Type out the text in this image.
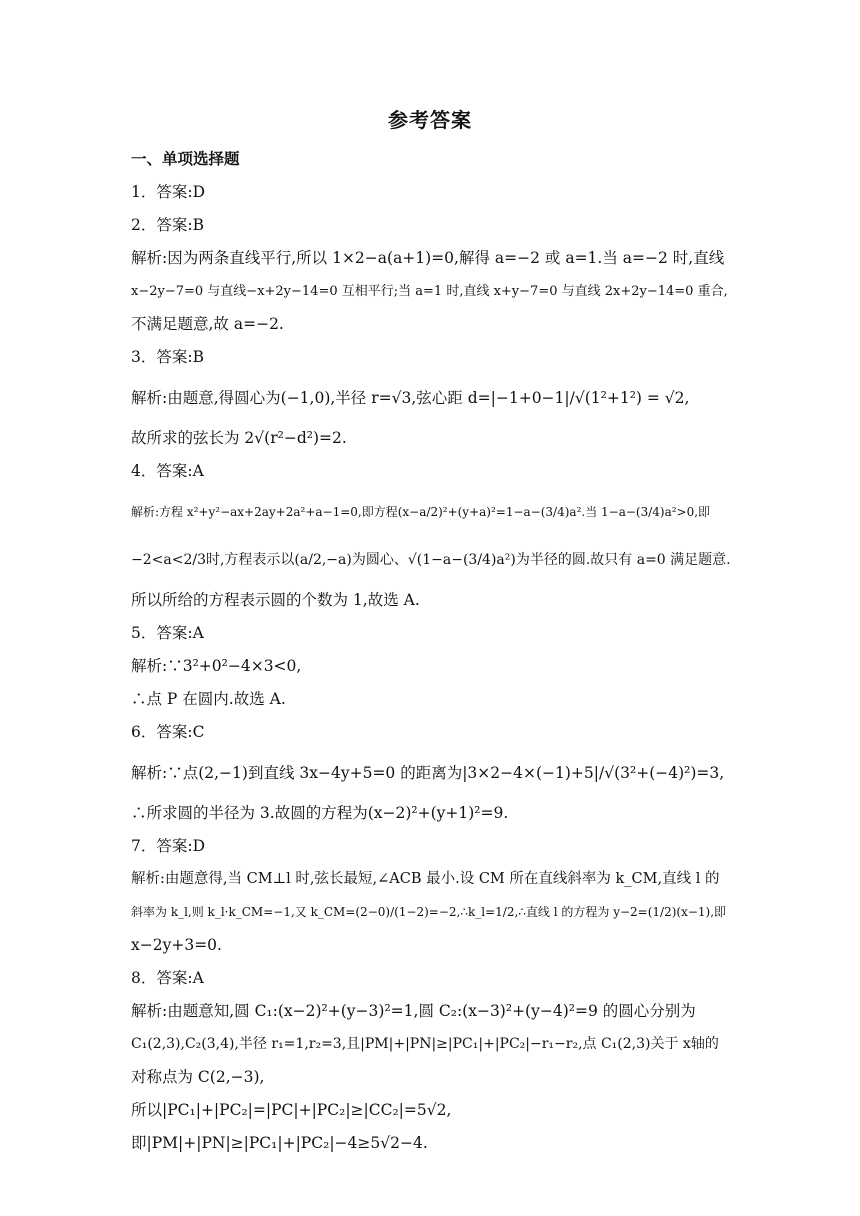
参考答案
一、单项选择题
1．答案:D
2．答案:B
解析:因为两条直线平行,所以 1×2−a(a+1)=0,解得 a=−2 或 a=1.当 a=−2 时,直线
x−2y−7=0 与直线−x+2y−14=0 互相平行;当 a=1 时,直线 x+y−7=0 与直线 2x+2y−14=0 重合,
不满足题意,故 a=−2.
3．答案:B
解析:由题意,得圆心为(−1,0),半径 r=√3,弦心距 d=|−1+0−1|/√(1²+1²) = √2,
故所求的弦长为 2√(r²−d²)=2.
4．答案:A
解析:方程 x²+y²−ax+2ay+2a²+a−1=0,即方程(x−a/2)²+(y+a)²=1−a−(3/4)a².当 1−a−(3/4)a²>0,即
−2<a<2/3时,方程表示以(a/2,−a)为圆心、√(1−a−(3/4)a²)为半径的圆.故只有 a=0 满足题意.
所以所给的方程表示圆的个数为 1,故选 A.
5．答案:A
解析:∵3²+0²−4×3<0,
∴点 P 在圆内.故选 A.
6．答案:C
解析:∵点(2,−1)到直线 3x−4y+5=0 的距离为|3×2−4×(−1)+5|/√(3²+(−4)²)=3,
∴所求圆的半径为 3.故圆的方程为(x−2)²+(y+1)²=9.
7．答案:D
解析:由题意得,当 CM⊥l 时,弦长最短,∠ACB 最小.设 CM 所在直线斜率为 k_CM,直线 l 的
斜率为 k_l,则 k_l·k_CM=−1,又 k_CM=(2−0)/(1−2)=−2,∴k_l=1/2,∴直线 l 的方程为 y−2=(1/2)(x−1),即
x−2y+3=0.
8．答案:A
解析:由题意知,圆 C₁:(x−2)²+(y−3)²=1,圆 C₂:(x−3)²+(y−4)²=9 的圆心分别为
C₁(2,3),C₂(3,4),半径 r₁=1,r₂=3,且|PM|+|PN|≥|PC₁|+|PC₂|−r₁−r₂,点 C₁(2,3)关于 x轴的
对称点为 C(2,−3),
所以|PC₁|+|PC₂|=|PC|+|PC₂|≥|CC₂|=5√2,
即|PM|+|PN|≥|PC₁|+|PC₂|−4≥5√2−4.
